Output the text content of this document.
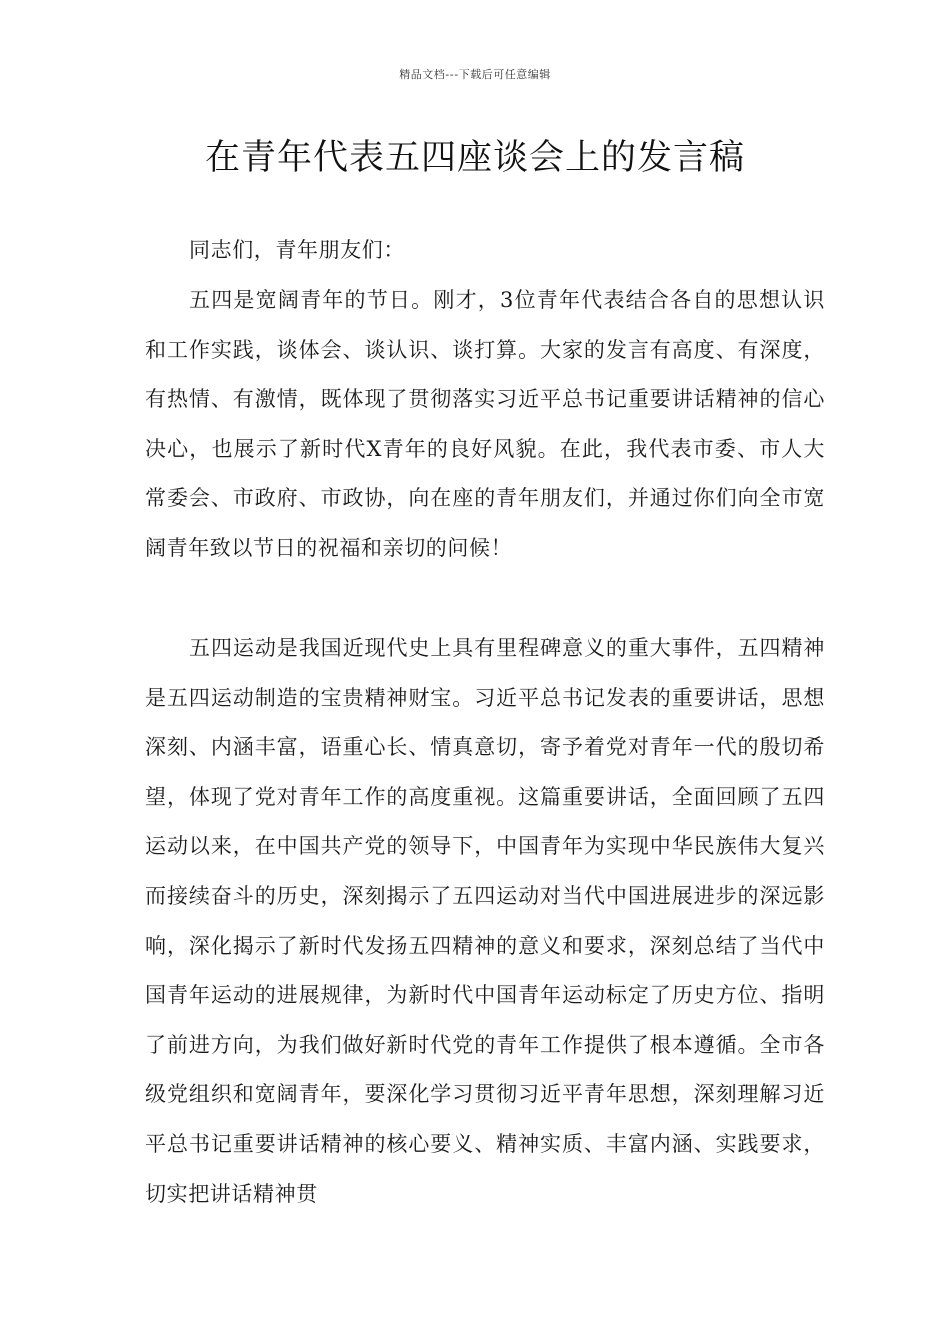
精品文档---下载后可任意编辑
在青年代表五四座谈会上的发言稿
同志们，青年朋友们：

五四是宽阔青年的节日。刚才，3位青年代表结合各自的思想认识和工作实践，谈体会、谈认识、谈打算。大家的发言有高度、有深度，有热情、有激情，既体现了贯彻落实习近平总书记重要讲话精神的信心决心，也展示了新时代X青年的良好风貌。在此，我代表市委、市人大常委会、市政府、市政协，向在座的青年朋友们，并通过你们向全市宽阔青年致以节日的祝福和亲切的问候！

五四运动是我国近现代史上具有里程碑意义的重大事件，五四精神是五四运动制造的宝贵精神财宝。习近平总书记发表的重要讲话，思想深刻、内涵丰富，语重心长、情真意切，寄予着党对青年一代的殷切希望，体现了党对青年工作的高度重视。这篇重要讲话，全面回顾了五四运动以来，在中国共产党的领导下，中国青年为实现中华民族伟大复兴而接续奋斗的历史，深刻揭示了五四运动对当代中国进展进步的深远影响，深化揭示了新时代发扬五四精神的意义和要求，深刻总结了当代中国青年运动的进展规律，为新时代中国青年运动标定了历史方位、指明了前进方向，为我们做好新时代党的青年工作提供了根本遵循。全市各级党组织和宽阔青年，要深化学习贯彻习近平青年思想，深刻理解习近平总书记重要讲话精神的核心要义、精神实质、丰富内涵、实践要求，切实把讲话精神贯
